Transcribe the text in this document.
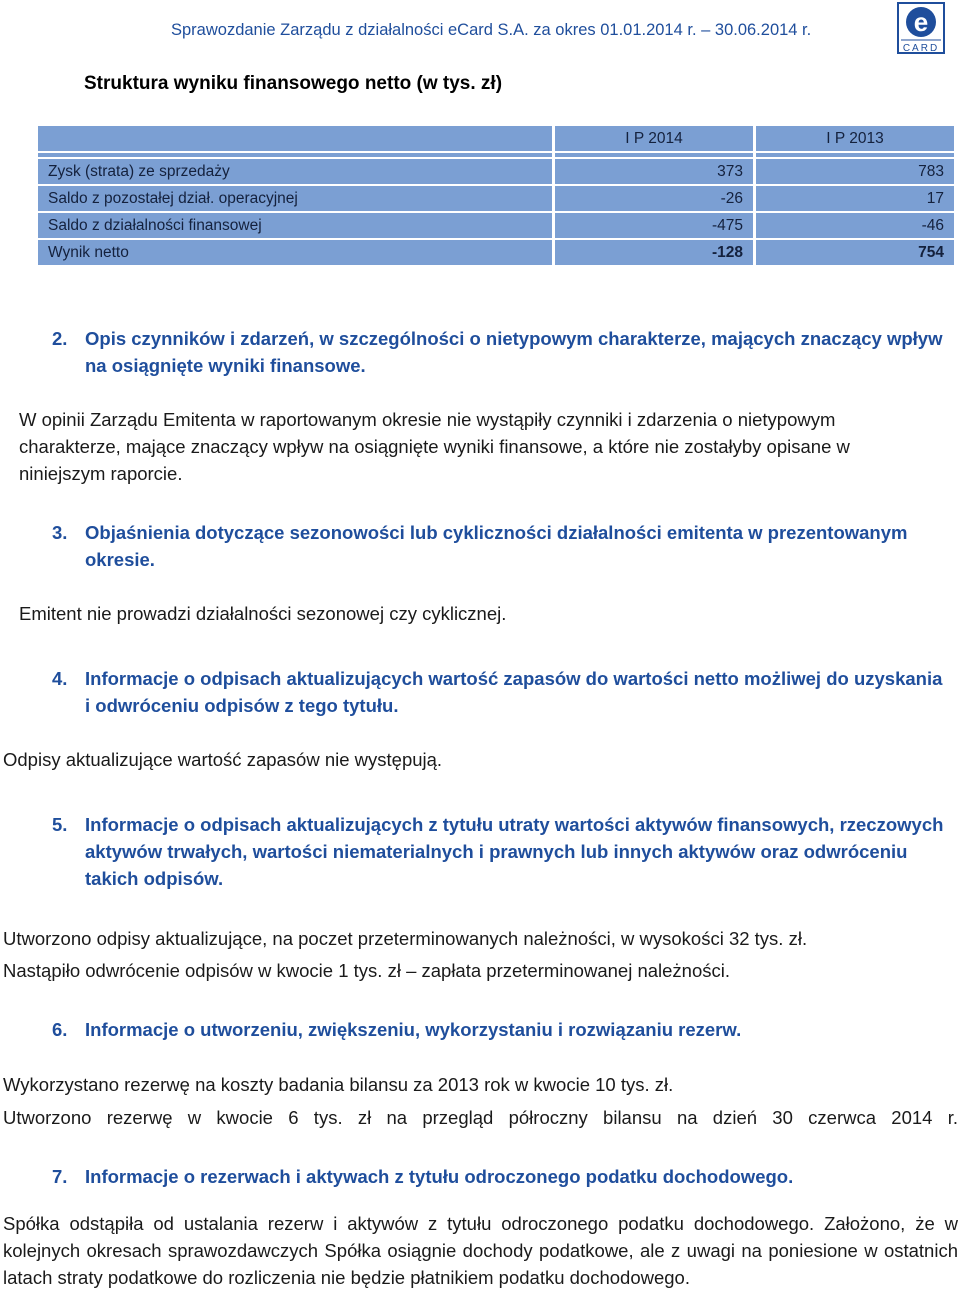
Sprawozdanie Zarządu z działalności eCard S.A. za okres 01.01.2014 r. – 30.06.2014 r.	e
CARD
Struktura wyniku finansowego netto (w tys. zł)
	I P 2014	I P 2013

Zysk (strata) ze sprzedaży	373	783
Saldo z pozostałej dział. operacyjnej	-26	17
Saldo z działalności finansowej	-475	-46
Wynik netto	-128	754
2. Opis czynników i zdarzeń, w szczególności o nietypowym charakterze, mających znaczący wpływ na osiągnięte wyniki finansowe.
W opinii Zarządu Emitenta w raportowanym okresie nie wystąpiły czynniki i zdarzenia o nietypowym charakterze, mające znaczący wpływ na osiągnięte wyniki finansowe, a które nie zostałyby opisane w niniejszym raporcie.
3. Objaśnienia dotyczące sezonowości lub cykliczności działalności emitenta w prezentowanym okresie.
Emitent nie prowadzi działalności sezonowej czy cyklicznej.
4. Informacje o odpisach aktualizujących wartość zapasów do wartości netto możliwej do uzyskania i odwróceniu odpisów z tego tytułu.
Odpisy aktualizujące wartość zapasów nie występują.
5. Informacje o odpisach aktualizujących z tytułu utraty wartości aktywów finansowych, rzeczowych aktywów trwałych, wartości niematerialnych i prawnych lub innych aktywów oraz odwróceniu takich odpisów.
Utworzono odpisy aktualizujące, na poczet przeterminowanych należności, w wysokości 32 tys. zł.
Nastąpiło odwrócenie odpisów w kwocie 1 tys. zł – zapłata przeterminowanej należności.
6. Informacje o utworzeniu, zwiększeniu, wykorzystaniu i rozwiązaniu rezerw.
Wykorzystano rezerwę na koszty badania bilansu za 2013 rok w kwocie 10 tys. zł.
Utworzono rezerwę w kwocie 6 tys. zł na przegląd półroczny bilansu na dzień 30 czerwca 2014 r.
7. Informacje o rezerwach i aktywach z tytułu odroczonego podatku dochodowego.
Spółka odstąpiła od ustalania rezerw i aktywów z tytułu odroczonego podatku dochodowego. Założono, że w kolejnych okresach sprawozdawczych Spółka osiągnie dochody podatkowe, ale z uwagi na poniesione w ostatnich latach straty podatkowe do rozliczenia nie będzie płatnikiem podatku dochodowego.
